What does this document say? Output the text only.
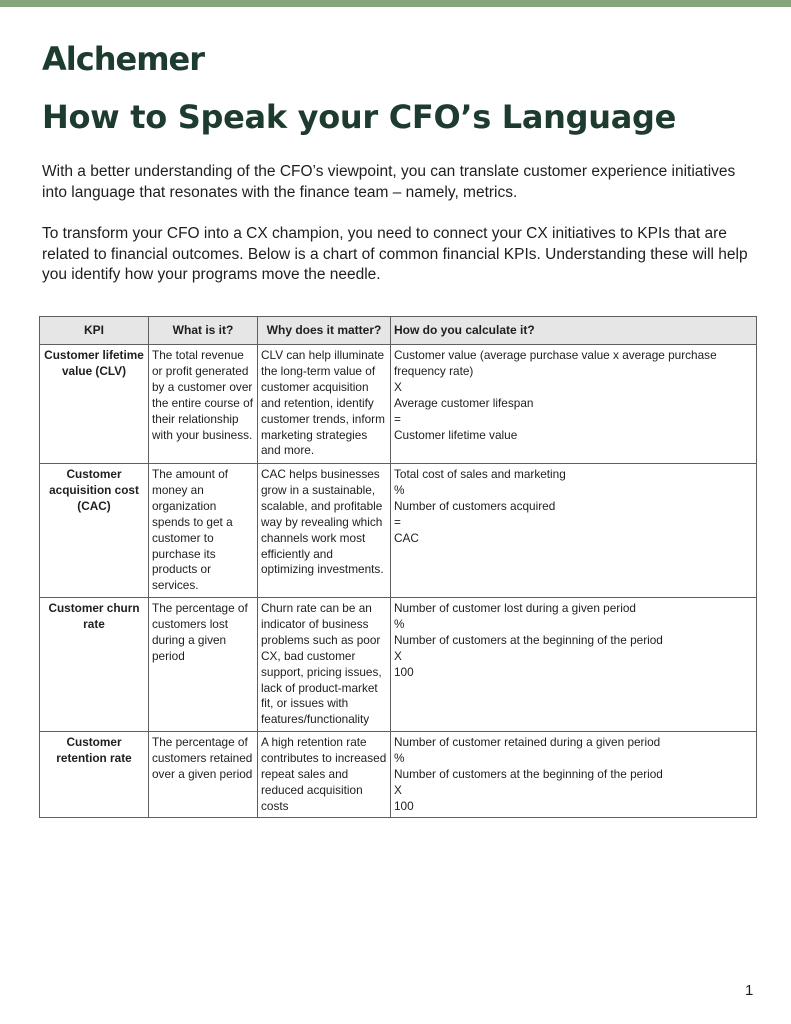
Alchemer
How to Speak your CFO’s Language

With a better understanding of the CFO’s viewpoint, you can translate customer experience initiatives into language that resonates with the finance team – namely, metrics.

To transform your CFO into a CX champion, you need to connect your CX initiatives to KPIs that are related to financial outcomes. Below is a chart of common financial KPIs. Understanding these will help you identify how your programs move the needle.

KPI	What is it?	Why does it matter?	How do you calculate it?
Customer lifetime value (CLV)	The total revenue or profit generated by a customer over the entire course of their relationship with your business.	CLV can help illuminate the long-term value of customer acquisition and retention, identify customer trends, inform marketing strategies and more.	Customer value (average purchase value x average purchase frequency rate)
X
Average customer lifespan
=
Customer lifetime value

Customer acquisition cost (CAC)	The amount of money an organization spends to get a customer to purchase its products or services.	CAC helps businesses grow in a sustainable, scalable, and profitable way by revealing which channels work most efficiently and optimizing investments.	Total cost of sales and marketing
%
Number of customers acquired
=
CAC

Customer churn rate	The percentage of customers lost during a given period	Churn rate can be an indicator of business problems such as poor CX, bad customer support, pricing issues, lack of product-market fit, or issues with features/functionality	Number of customer lost during a given period
%
Number of customers at the beginning of the period
X
100

Customer retention rate	The percentage of customers retained over a given period	A high retention rate contributes to increased repeat sales and reduced acquisition costs	Number of customer retained during a given period
%
Number of customers at the beginning of the period
X
100
1
